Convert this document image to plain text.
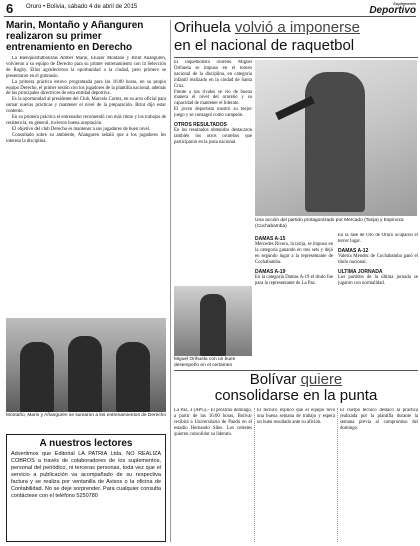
6 Oruro • Bolivia, sábado 4 de abril de 2015
Suplemento
Deportivo
Marin, Montaño y Añanguren realizaron su primer entrenamiento en Derecho

La Bienquistfutbolistas Amber Marin, Eliazer Montaño y Brint Añanguren, volvieron a su equipo de Derecho para su primer entrenamiento con la Selección de Rugby. Ellos agradecieron la oportunidad a la ciudad, pero primero se presentaron en el gimnasio.

La primera práctica estuvo programada para las 16:00 horas, en su propio equipo Derecho, el primer sesión con los jugadores de la plantilla nacional, además de las principales directrices de esta entidad deportiva.

Es la oportunidad al presidente del Club, Marcelo Cortez, en su acto oficial para sumar nuevas prácticas y mantener el nivel de la preparación. Brint dijo estar contento.

En su primera práctica el entrenador recomendó con más ritmo y los trabajos de resistencia, en general, tuvieron buena aceptación.

El objetivo del club Derecho es mantener a sus jugadores de buen nivel.

Consultado sobre su ambiente, Añanguren señaló que a los jugadores les interesa la disciplina.

Montaño, Marin y Añanguren se sumaron a los entrenamientos de Derecho
A nuestros lectores
Advertimos que Editorial LA PATRIA Ltda. NO REALIZA COBROS a través de colaboradores de los suplementos, personal del periódico, ni terceras personas, toda vez que el servicio a publicación va acompañado de su respectiva factura y se realiza por ventanilla de Avisos o la oficina de Contabilidad. No se deje sorprender. Para cualquier consulta contáctese con el teléfono 5250780
Orihuela volvió a imponerse
en el nacional de raquetbol

El raquetbolista orureño Miguel Orihuela se impuso en el torneo nacional de la disciplina, en categoría infantil realizado en la ciudad de Santa Cruz.

Frente a sus rivales se vio de buena manera el nivel del orureño y su capacidad de mantener el liderato.

El joven deportista mostró su mejor juego y se consagró como campeón.

OTROS RESULTADOS

En los resultados obtenidos destacaron también los otros orureños que participaron en la justa nacional.

Una acción del partido protagonizado por Mercado (Tarija) y Espinoza (Cochabamba)
Miguel Orihuela con un buen desempeño en el certamen
DAMAS A-15

Mercedes Rivera, la tarija, se impuso en la categoría ganando en tres sets y dejó en segundo lugar a la representante de Cochabamba.

DAMAS A-19

En la categoría Damas A-19 el título fue para la representante de La Paz.

En la fase de Oro de Oruro ocuparon el tercer lugar.

DAMAS A-12

Valeria Mendez de Cochabamba ganó el título nacional.

ULTIMA JORNADA

Los partidos de la última jornada se jugaron con normalidad.

Bolívar quiere
consolidarse en la punta
La Paz, 3 (APG).- El próximo domingo, a partir de las 16:00 horas, Bolívar recibirá a Universitario de Pando en el estadio Hernando Siles. Los celestes quieren consolidar su liderato.
El técnico explicó que el equipo tuvo una buena semana de trabajo y espera un buen resultado ante su afición.
El cuerpo técnico destacó la práctica realizada por la plantilla durante la semana previa al compromiso del domingo.
